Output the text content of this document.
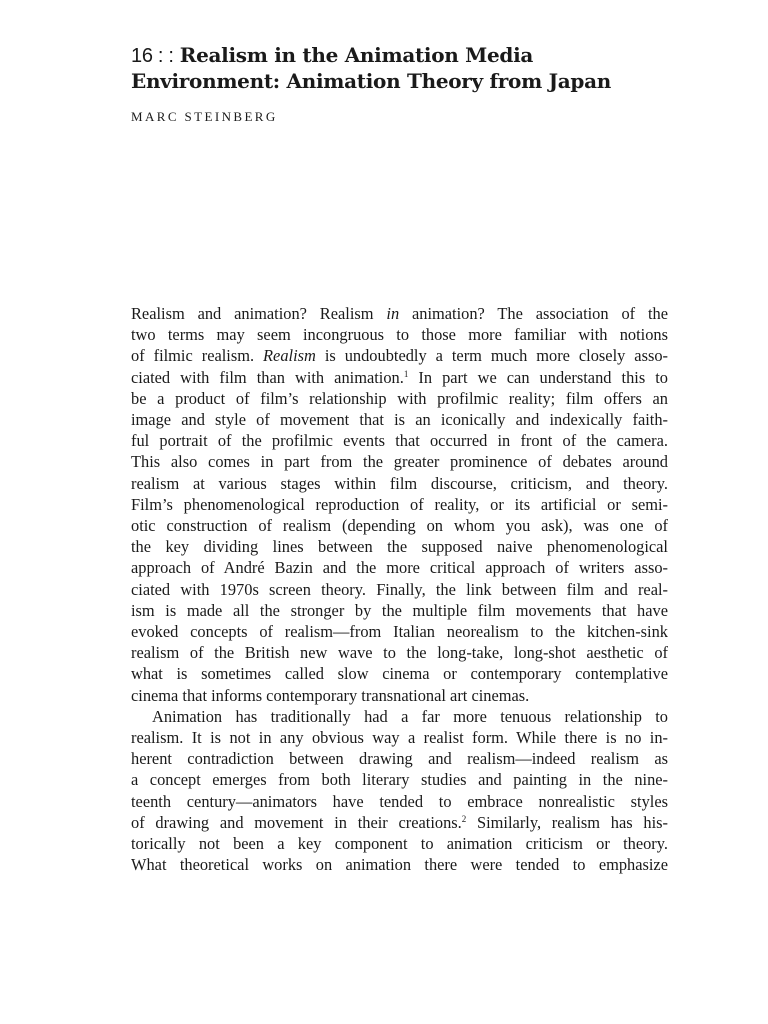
16 : : Realism in the Animation Media
Environment: Animation Theory from Japan
MARC STEINBERG

Realism and animation? Realism in animation? The association of the
two terms may seem incongruous to those more familiar with notions
of filmic realism. Realism is undoubtedly a term much more closely asso-
ciated with film than with animation.$^1$ In part we can understand this to
be a product of film’s relationship with profilmic reality; film offers an
image and style of movement that is an iconically and indexically faith-
ful portrait of the profilmic events that occurred in front of the camera.
This also comes in part from the greater prominence of debates around
realism at various stages within film discourse, criticism, and theory.
Film’s phenomenological reproduction of reality, or its artificial or semi-
otic construction of realism (depending on whom you ask), was one of
the key dividing lines between the supposed naive phenomenological
approach of André Bazin and the more critical approach of writers asso-
ciated with 1970s screen theory. Finally, the link between film and real-
ism is made all the stronger by the multiple film movements that have
evoked concepts of realism—from Italian neorealism to the kitchen-sink
realism of the British new wave to the long-take, long-shot aesthetic of
what is sometimes called slow cinema or contemporary contemplative
cinema that informs contemporary transnational art cinemas.

Animation has traditionally had a far more tenuous relationship to
realism. It is not in any obvious way a realist form. While there is no in-
herent contradiction between drawing and realism—indeed realism as
a concept emerges from both literary studies and painting in the nine-
teenth century—animators have tended to embrace nonrealistic styles
of drawing and movement in their creations.$^2$ Similarly, realism has his-
torically not been a key component to animation criticism or theory.
What theoretical works on animation there were tended to emphasize
